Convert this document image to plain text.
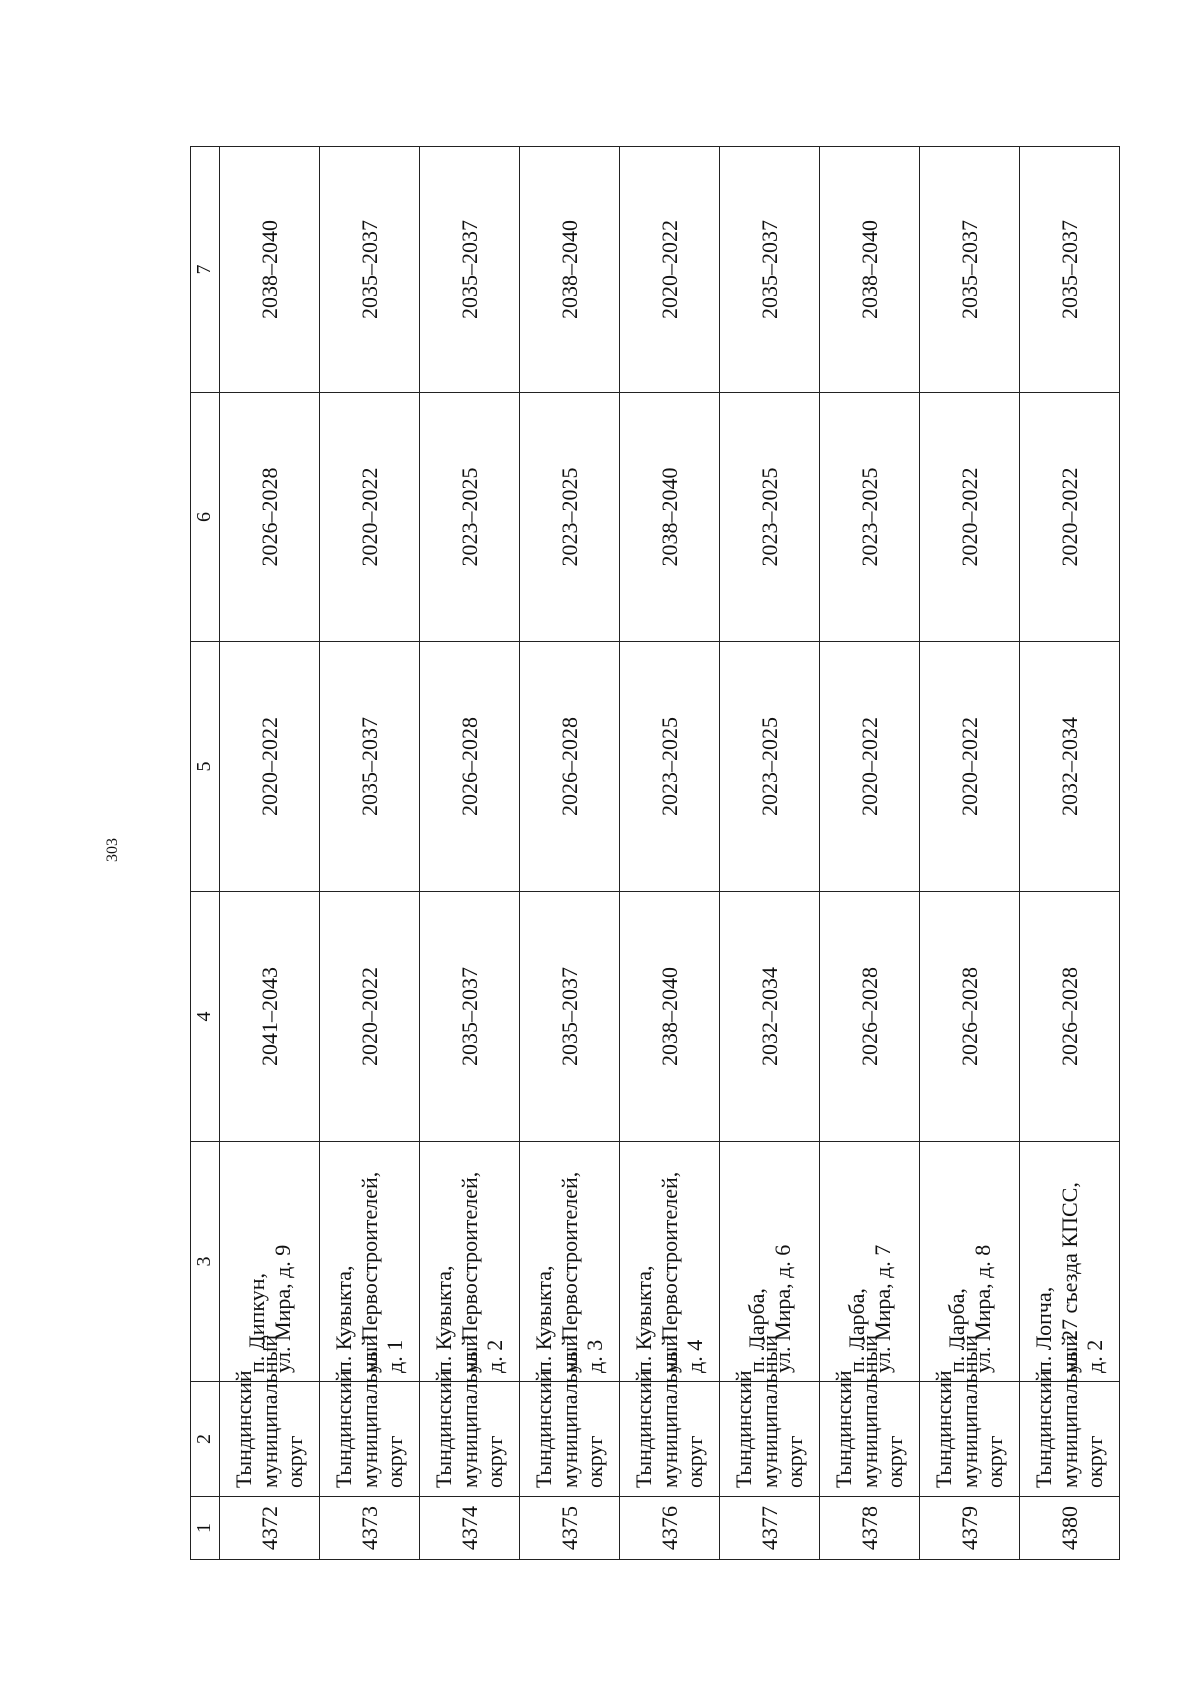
303
1	2	3	4	5	6	7
4372	Тындинский муниципальный округ	п. Дипкун,
ул. Мира, д. 9	2041–2043	2020–2022	2026–2028	2038–2040
4373	Тындинский муниципальный округ	п. Кувыкта,
ул. Первостроителей,
д. 1	2020–2022	2035–2037	2020–2022	2035–2037
4374	Тындинский муниципальный округ	п. Кувыкта,
ул. Первостроителей,
д. 2	2035–2037	2026–2028	2023–2025	2035–2037
4375	Тындинский муниципальный округ	п. Кувыкта,
ул. Первостроителей,
д. 3	2035–2037	2026–2028	2023–2025	2038–2040
4376	Тындинский муниципальный округ	п. Кувыкта,
ул. Первостроителей,
д. 4	2038–2040	2023–2025	2038–2040	2020–2022
4377	Тындинский муниципальный округ	п. Ларба,
ул. Мира, д. 6	2032–2034	2023–2025	2023–2025	2035–2037
4378	Тындинский муниципальный округ	п. Ларба,
ул. Мира, д. 7	2026–2028	2020–2022	2023–2025	2038–2040
4379	Тындинский муниципальный округ	п. Ларба,
ул. Мира, д. 8	2026–2028	2020–2022	2020–2022	2035–2037
4380	Тындинский муниципальный округ	п. Лопча,
ул. 27 съезда КПСС,
д. 2	2026–2028	2032–2034	2020–2022	2035–2037
